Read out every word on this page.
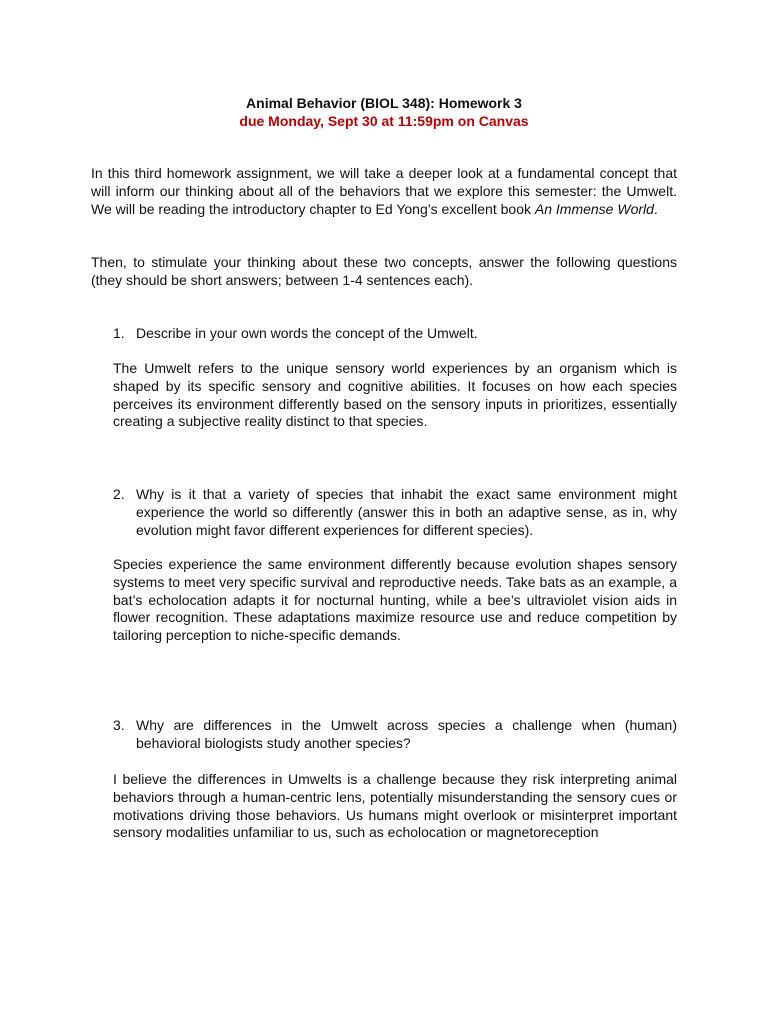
Animal Behavior (BIOL 348): Homework 3
due Monday, Sept 30 at 11:59pm on Canvas

In this third homework assignment, we will take a deeper look at a fundamental concept that will inform our thinking about all of the behaviors that we explore this semester: the Umwelt. We will be reading the introductory chapter to Ed Yong’s excellent book An Immense World.

Then, to stimulate your thinking about these two concepts, answer the following questions (they should be short answers; between 1-4 sentences each).

1. Describe in your own words the concept of the Umwelt.

The Umwelt refers to the unique sensory world experiences by an organism which is shaped by its specific sensory and cognitive abilities. It focuses on how each species perceives its environment differently based on the sensory inputs in prioritizes, essentially creating a subjective reality distinct to that species.

2. Why is it that a variety of species that inhabit the exact same environment might experience the world so differently (answer this in both an adaptive sense, as in, why evolution might favor different experiences for different species).

Species experience the same environment differently because evolution shapes sensory systems to meet very specific survival and reproductive needs. Take bats as an example, a bat’s echolocation adapts it for nocturnal hunting, while a bee’s ultraviolet vision aids in flower recognition. These adaptations maximize resource use and reduce competition by tailoring perception to niche-specific demands.

3. Why are differences in the Umwelt across species a challenge when (human) behavioral biologists study another species?

I believe the differences in Umwelts is a challenge because they risk interpreting animal behaviors through a human-centric lens, potentially misunderstanding the sensory cues or motivations driving those behaviors. Us humans might overlook or misinterpret important sensory modalities unfamiliar to us, such as echolocation or magnetoreception
